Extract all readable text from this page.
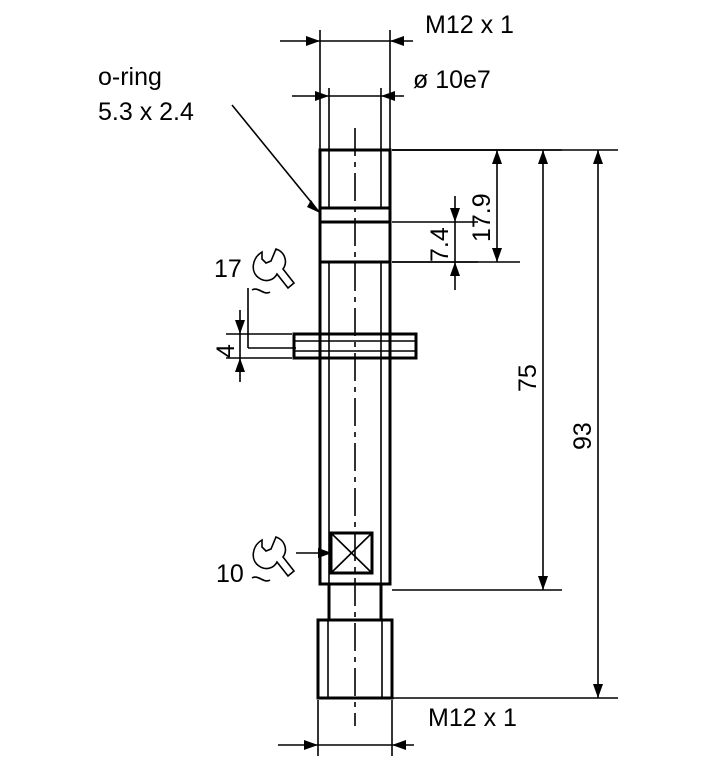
M12 x 1
ø 10e7
o-ring
5.3 x 2.4
17
4
10
7.4
17.9
75
93
M12 x 1
